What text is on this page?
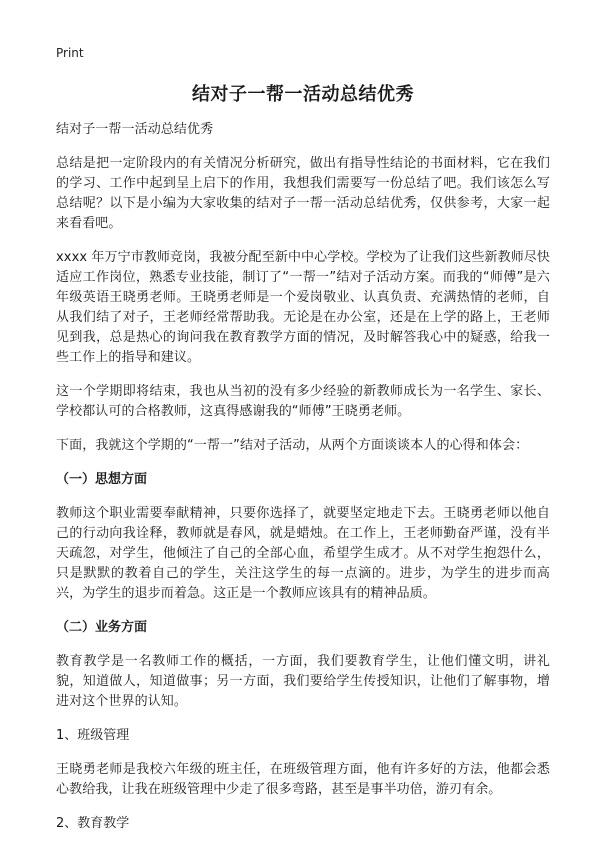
Print
结对子一帮一活动总结优秀

结对子一帮一活动总结优秀

总结是把一定阶段内的有关情况分析研究，做出有指导性结论的书面材料，它在我们的学习、工作中起到呈上启下的作用，我想我们需要写一份总结了吧。我们该怎么写总结呢？以下是小编为大家收集的结对子一帮一活动总结优秀，仅供参考，大家一起来看看吧。

xxxx 年万宁市教师竞岗，我被分配至新中中心学校。学校为了让我们这些新教师尽快适应工作岗位，熟悉专业技能，制订了“一帮一”结对子活动方案。而我的“师傅”是六年级英语王晓勇老师。王晓勇老师是一个爱岗敬业、认真负责、充满热情的老师，自从我们结了对子，王老师经常帮助我。无论是在办公室，还是在上学的路上，王老师见到我，总是热心的询问我在教育教学方面的情况，及时解答我心中的疑惑，给我一些工作上的指导和建议。

这一个学期即将结束，我也从当初的没有多少经验的新教师成长为一名学生、家长、学校都认可的合格教师，这真得感谢我的“师傅”王晓勇老师。

下面，我就这个学期的“一帮一”结对子活动，从两个方面谈谈本人的心得和体会：

（一）思想方面

教师这个职业需要奉献精神，只要你选择了，就要坚定地走下去。王晓勇老师以他自己的行动向我诠释，教师就是春风，就是蜡烛。在工作上，王老师勤奋严谨，没有半天疏忽，对学生，他倾注了自己的全部心血，希望学生成才。从不对学生抱怨什么，只是默默的教着自己的学生，关注这学生的每一点滴的。进步，为学生的进步而高兴，为学生的退步而着急。这正是一个教师应该具有的精神品质。

（二）业务方面

教育教学是一名教师工作的概括，一方面，我们要教育学生，让他们懂文明，讲礼貌，知道做人，知道做事；另一方面，我们要给学生传授知识，让他们了解事物，增进对这个世界的认知。

1、班级管理

王晓勇老师是我校六年级的班主任，在班级管理方面，他有许多好的方法，他都会悉心教给我，让我在班级管理中少走了很多弯路，甚至是事半功倍，游刃有余。

2、教育教学
